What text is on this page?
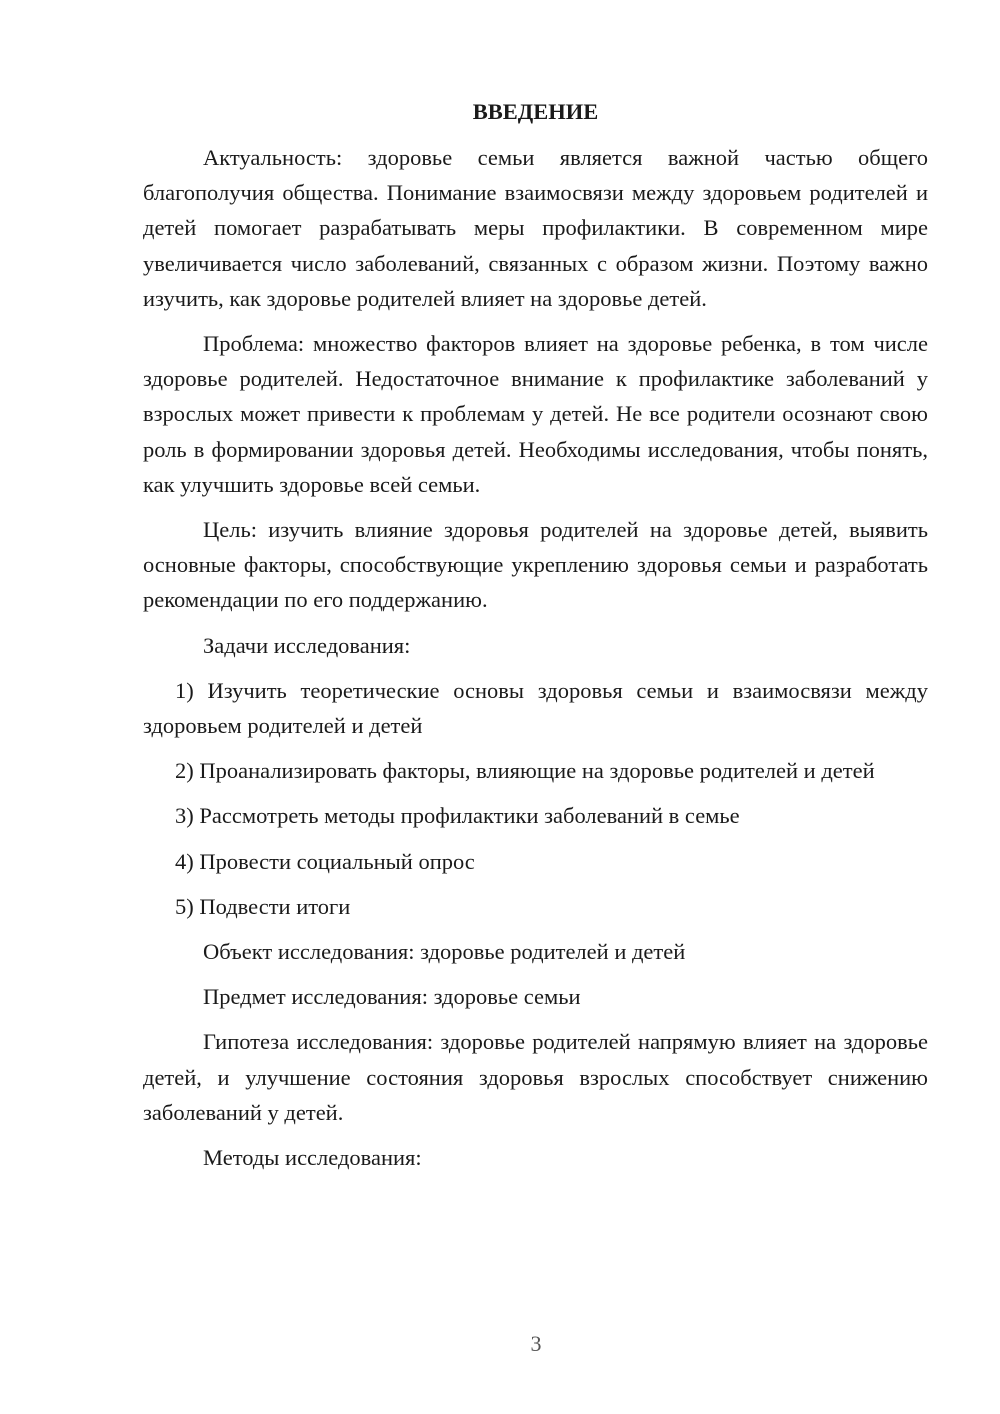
ВВЕДЕНИЕ

Актуальность: здоровье семьи является важной частью общего благополучия общества. Понимание взаимосвязи между здоровьем родителей и детей помогает разрабатывать меры профилактики. В современном мире увеличивается число заболеваний, связанных с образом жизни. Поэтому важно изучить, как здоровье родителей влияет на здоровье детей.

Проблема: множество факторов влияет на здоровье ребенка, в том числе здоровье родителей. Недостаточное внимание к профилактике заболеваний у взрослых может привести к проблемам у детей. Не все родители осознают свою роль в формировании здоровья детей. Необходимы исследования, чтобы понять, как улучшить здоровье всей семьи.

Цель: изучить влияние здоровья родителей на здоровье детей, выявить основные факторы, способствующие укреплению здоровья семьи и разработать рекомендации по его поддержанию.

Задачи исследования:

1) Изучить теоретические основы здоровья семьи и взаимосвязи между здоровьем родителей и детей

2) Проанализировать факторы, влияющие на здоровье родителей и детей

3) Рассмотреть методы профилактики заболеваний в семье

4) Провести социальный опрос

5) Подвести итоги

Объект исследования: здоровье родителей и детей

Предмет исследования: здоровье семьи

Гипотеза исследования: здоровье родителей напрямую влияет на здоровье детей, и улучшение состояния здоровья взрослых способствует снижению заболеваний у детей.

Методы исследования:

3
